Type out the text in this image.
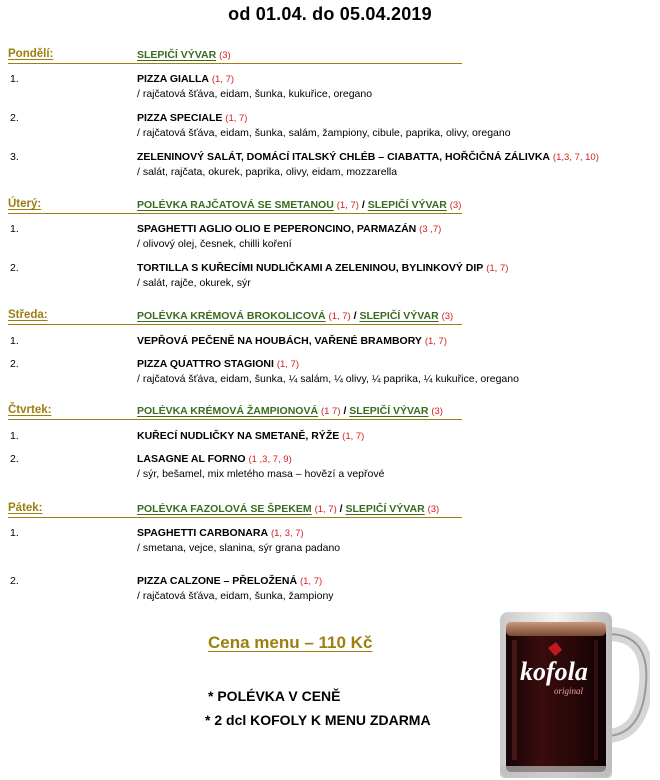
od 01.04. do 05.04.2019
Pondělí:	SLEPIČÍ VÝVAR (3)
1.	PIZZA GIALLA (1, 7)
/ rajčatová šťáva, eidam, šunka, kukuřice, oregano
2.	PIZZA SPECIALE (1, 7)
/ rajčatová šťáva, eidam, šunka, salám, žampiony, cibule, paprika, olivy, oregano
3.	ZELENINOVÝ SALÁT, DOMÁCÍ ITALSKÝ CHLÉB – CIABATTA, HOŘČIČNÁ ZÁLIVKA (1,3, 7, 10)
/ salát, rajčata, okurek, paprika, olivy, eidam, mozzarella
Úterý:	POLÉVKA RAJČATOVÁ SE SMETANOU (1, 7) / SLEPIČÍ VÝVAR (3)
1.	SPAGHETTI AGLIO OLIO E PEPERONCINO, PARMAZÁN (3 ,7)
/ olivový olej, česnek, chilli koření
2.	TORTILLA S KUŘECÍMI NUDLIČKAMI A ZELENINOU, BYLINKOVÝ DIP (1, 7)
/ salát, rajče, okurek, sýr
Středa:	POLÉVKA KRÉMOVÁ BROKOLICOVÁ (1, 7) / SLEPIČÍ VÝVAR (3)
1.	VEPŘOVÁ PEČENĚ NA HOUBÁCH, VAŘENÉ BRAMBORY (1, 7)
2.	PIZZA QUATTRO STAGIONI (1, 7)
/ rajčatová šťáva, eidam, šunka, ¼ salám, ¼ olivy, ¼ paprika, ¼ kukuřice, oregano
Čtvrtek:	POLÉVKA KRÉMOVÁ ŽAMPIONOVÁ (1 7) / SLEPIČÍ VÝVAR (3)
1.	KUŘECÍ NUDLIČKY NA SMETANĚ, RÝŽE (1, 7)
2.	LASAGNE AL FORNO (1 ,3, 7, 9)
/ sýr, bešamel, mix mletého masa – hovězí a vepřové
Pátek:	POLÉVKA FAZOLOVÁ SE ŠPEKEM (1, 7) / SLEPIČÍ VÝVAR (3)
1.	SPAGHETTI CARBONARA (1, 3, 7)
/ smetana, vejce, slanina, sýr grana padano
2.	PIZZA CALZONE – PŘELOŽENÁ (1, 7)
/ rajčatová šťáva, eidam, šunka, žampiony
Cena menu – 110 Kč
* POLÉVKA V CENĚ
* 2 dcl KOFOLY K MENU ZDARMA
kofola
original
